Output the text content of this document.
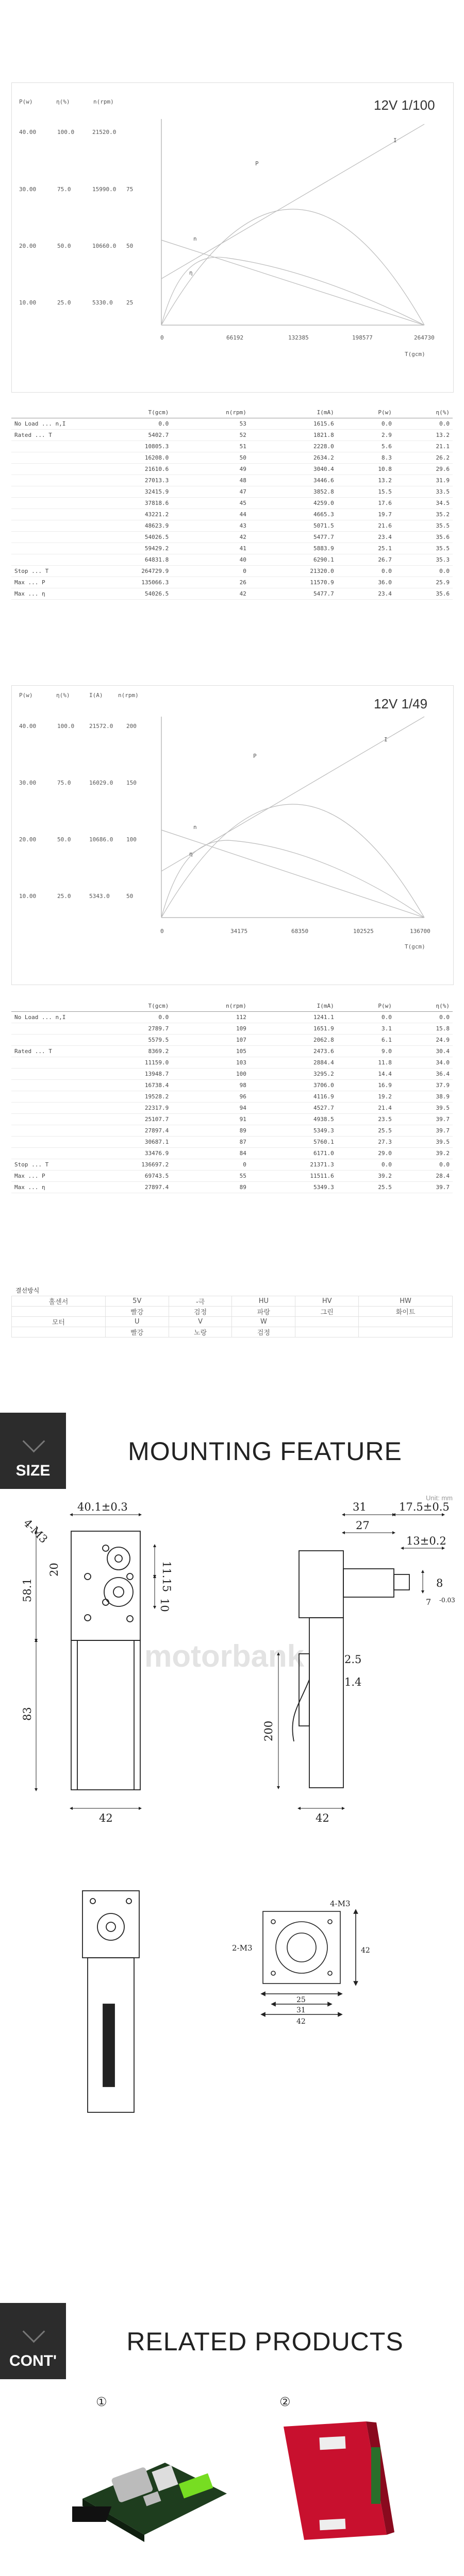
12V 1/100
P(w)	η(%)	n(rpm)
40.00	100.0	21520.0
30.00	75.0	15990.0 75
20.00	50.0	10660.0 50
10.00	25.0	5330.0 25
P
I
n
η
0	66192	132385	198577	264730
T(gcm)
	T(gcm)	n(rpm)	I(mA)	P(w)	η(%)
No Load ... n,I	0.0	53	1615.6	0.0	0.0
Rated ... T	5402.7	52	1821.8	2.9	13.2
	10805.3	51	2228.0	5.6	21.1
	16208.0	50	2634.2	8.3	26.2
	21610.6	49	3040.4	10.8	29.6
	27013.3	48	3446.6	13.2	31.9
	32415.9	47	3852.8	15.5	33.5
	37818.6	45	4259.0	17.6	34.5
	43221.2	44	4665.3	19.7	35.2
	48623.9	43	5071.5	21.6	35.5
	54026.5	42	5477.7	23.4	35.6
	59429.2	41	5883.9	25.1	35.5
	64831.8	40	6290.1	26.7	35.3
Stop ... T	264729.9	0	21320.0	0.0	0.0
Max ... P	135066.3	26	11570.9	36.0	25.9
Max ... η	54026.5	42	5477.7	23.4	35.6
12V 1/49
P(w)	η(%)	I(A)	n(rpm)
40.00	100.0	21572.0 200
30.00	75.0	16029.0 150
20.00	50.0	10686.0 100
10.00	25.0	5343.0	50
P
I
n
η
0	34175	68350	102525	136700
T(gcm)
	T(gcm)	n(rpm)	I(mA)	P(w)	η(%)
No Load ... n,I	0.0	112	1241.1	0.0	0.0
	2789.7	109	1651.9	3.1	15.8
	5579.5	107	2062.8	6.1	24.9
Rated ... T	8369.2	105	2473.6	9.0	30.4
	11159.0	103	2884.4	11.8	34.0
	13948.7	100	3295.2	14.4	36.4
	16738.4	98	3706.0	16.9	37.9
	19528.2	96	4116.9	19.2	38.9
	22317.9	94	4527.7	21.4	39.5
	25107.7	91	4938.5	23.5	39.7
	27897.4	89	5349.3	25.5	39.7
	30687.1	87	5760.1	27.3	39.5
	33476.9	84	6171.0	29.0	39.2
Stop ... T	136697.2	0	21371.3	0.0	0.0
Max ... P	69743.5	55	11511.6	39.2	28.4
Max ... η	27897.4	89	5349.3	25.5	39.7
결선방식
홀센서	5V	-극	HU	HV	HW
	빨강	검정	파랑	그린	화이트
모터	U	V	W		
	빨강	노랑	검정		
SIZE
MOUNTING FEATURE
Unit: mm
motorbank
40.1±0.3
4-M3
11.15
20
58.1
10
83
42
31	17.5±0.5
27
13±0.2
8
7 -0.03
2.5
1.4
200
42
4-M3
2-M3
25
31
42
42
CONT'
RELATED PRODUCTS
①	②
